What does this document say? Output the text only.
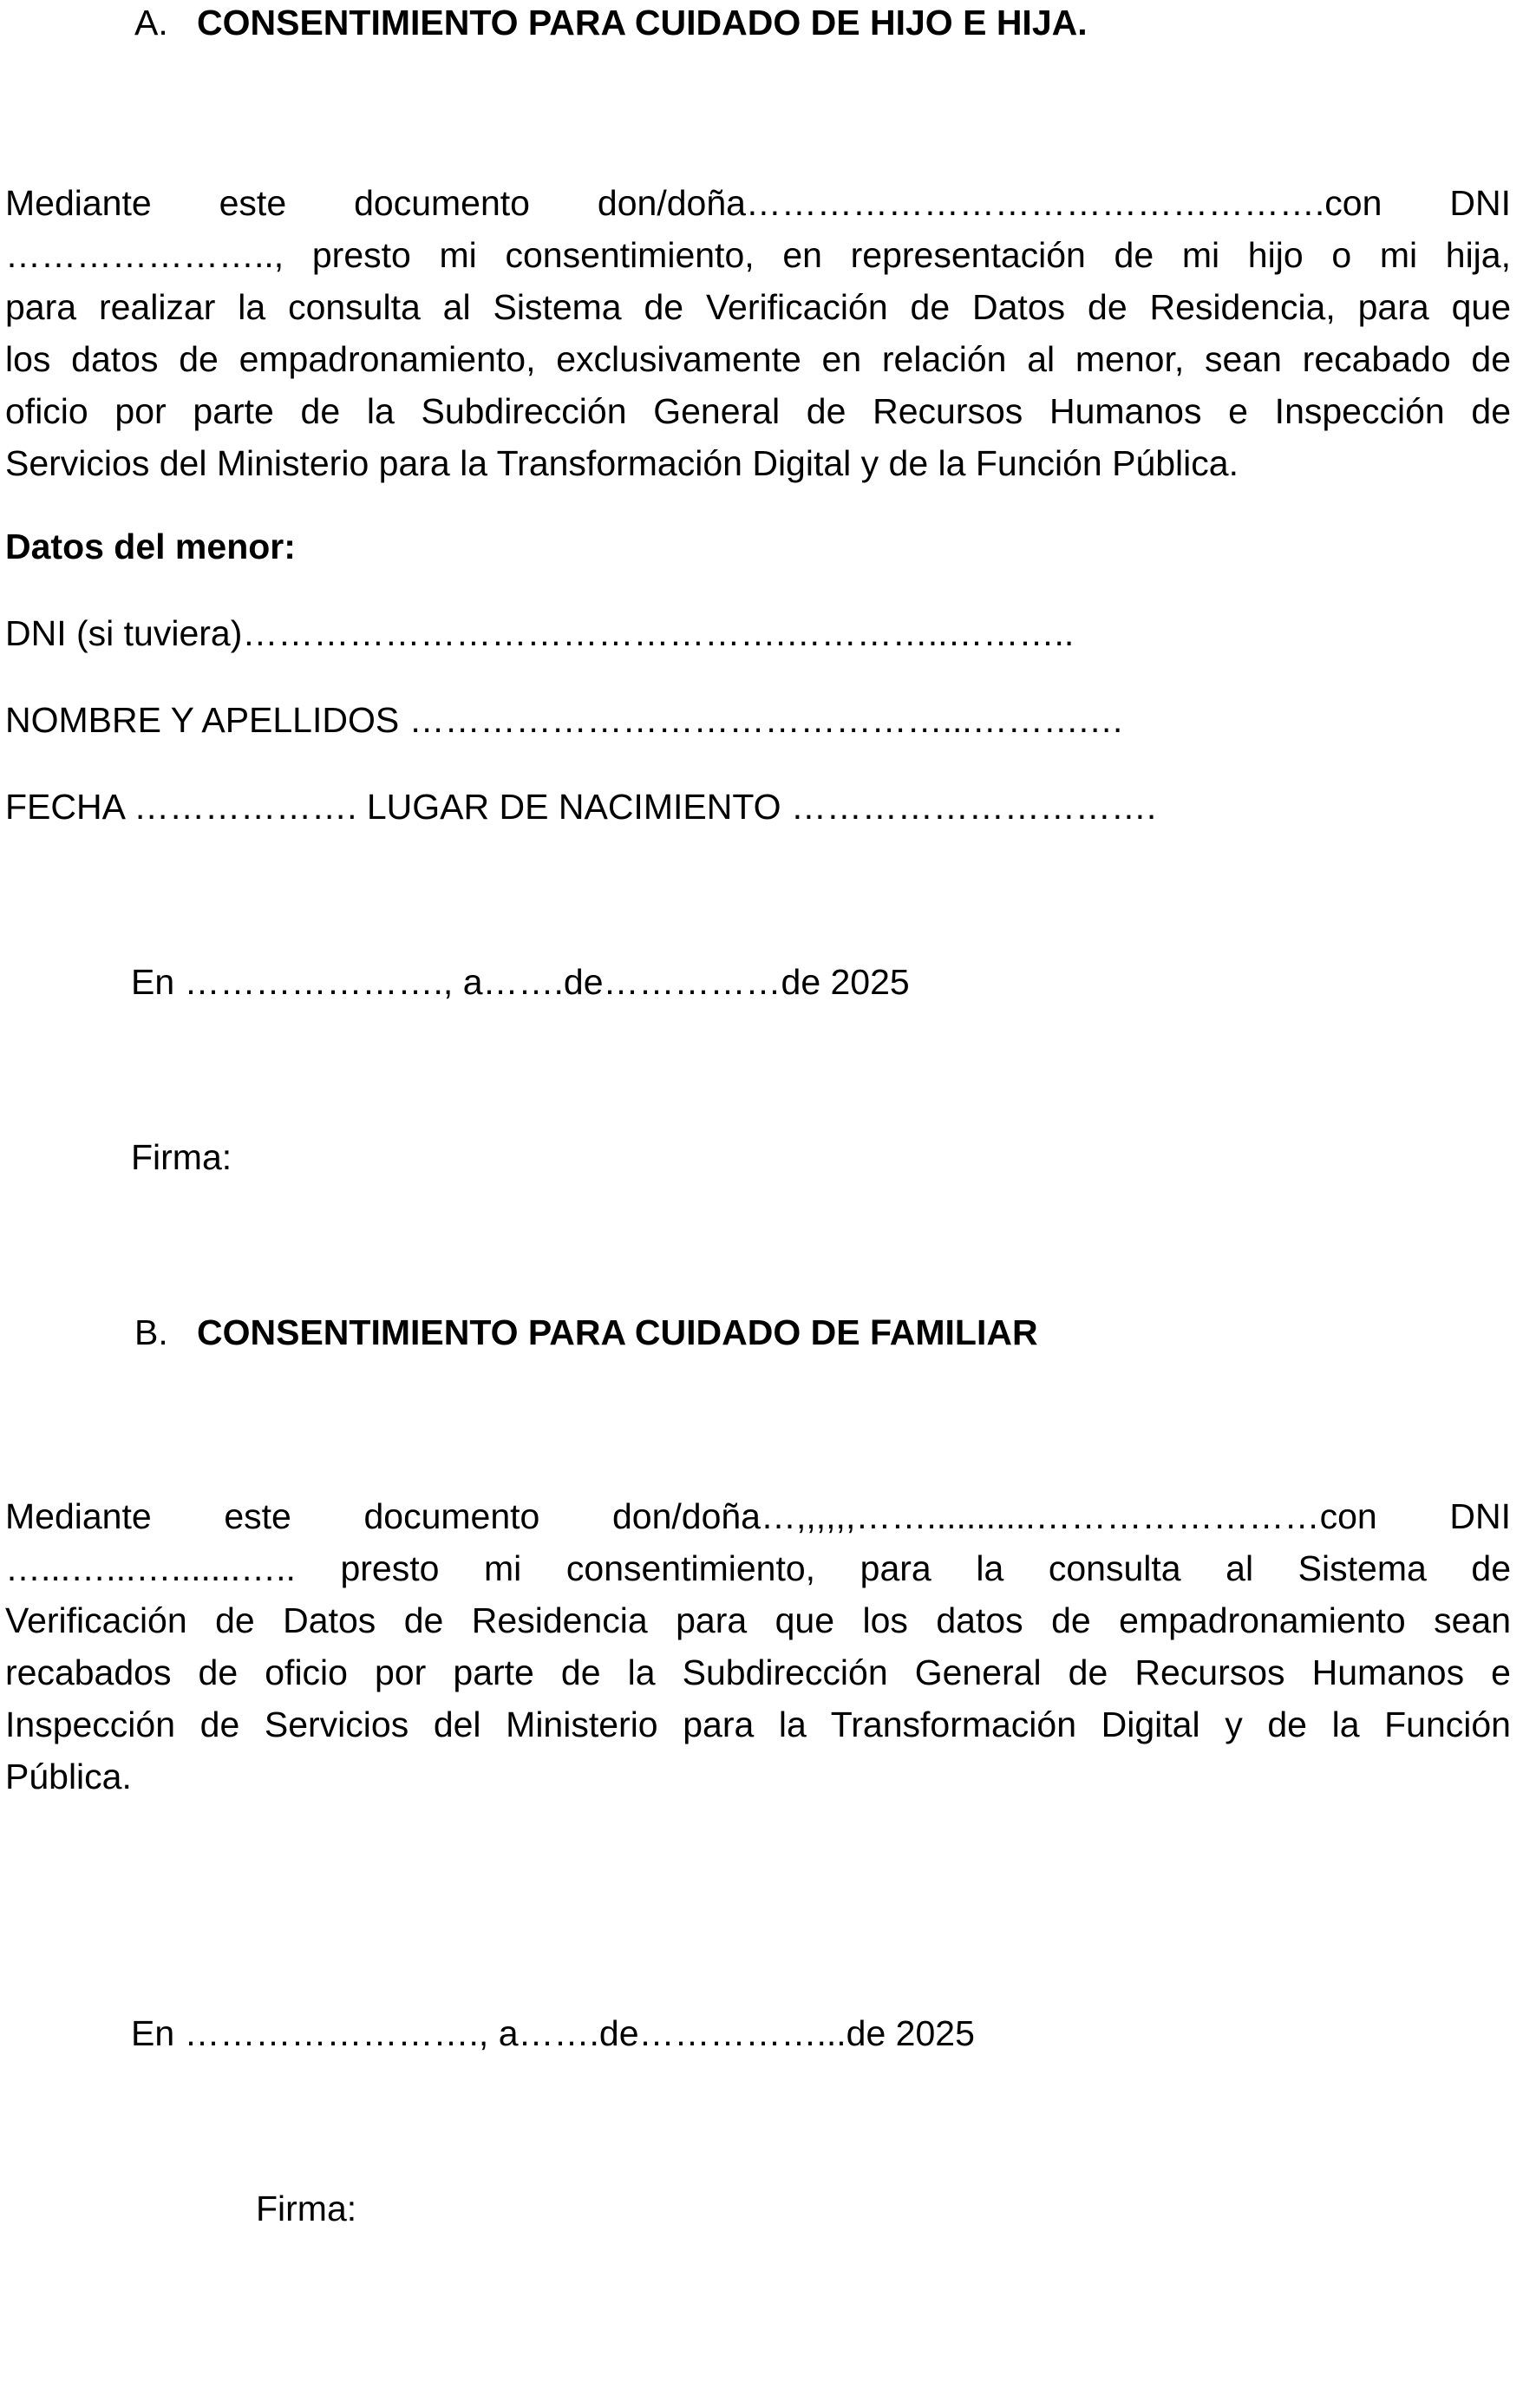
A. CONSENTIMIENTO PARA CUIDADO DE HIJO E HIJA.
Mediante este documento don/doña………………………………………….con DNI
………………….., presto mi consentimiento, en representación de mi hijo o mi hija,
para realizar la consulta al Sistema de Verificación de Datos de Residencia, para que
los datos de empadronamiento, exclusivamente en relación al menor, sean recabado de
oficio por parte de la Subdirección General de Recursos Humanos e Inspección de
Servicios del Ministerio para la Transformación Digital y de la Función Pública.
Datos del menor:
DNI (si tuviera)……………………………………….…………..………..
NOMBRE Y APELLIDOS ………………………………………...……….…
FECHA ………………. LUGAR DE NACIMIENTO ………………………….
En …………………., a…….de……………de 2025
Firma:
B. CONSENTIMIENTO PARA CUIDADO DE FAMILIAR
Mediante este documento don/doña…,,,,,,……...........……………………con DNI
…...…...….......….. presto mi consentimiento, para la consulta al Sistema de
Verificación de Datos de Residencia para que los datos de empadronamiento sean
recabados de oficio por parte de la Subdirección General de Recursos Humanos e
Inspección de Servicios del Ministerio para la Transformación Digital y de la Función
Pública.
En ……………………., a…….de……………...de 2025
Firma:
